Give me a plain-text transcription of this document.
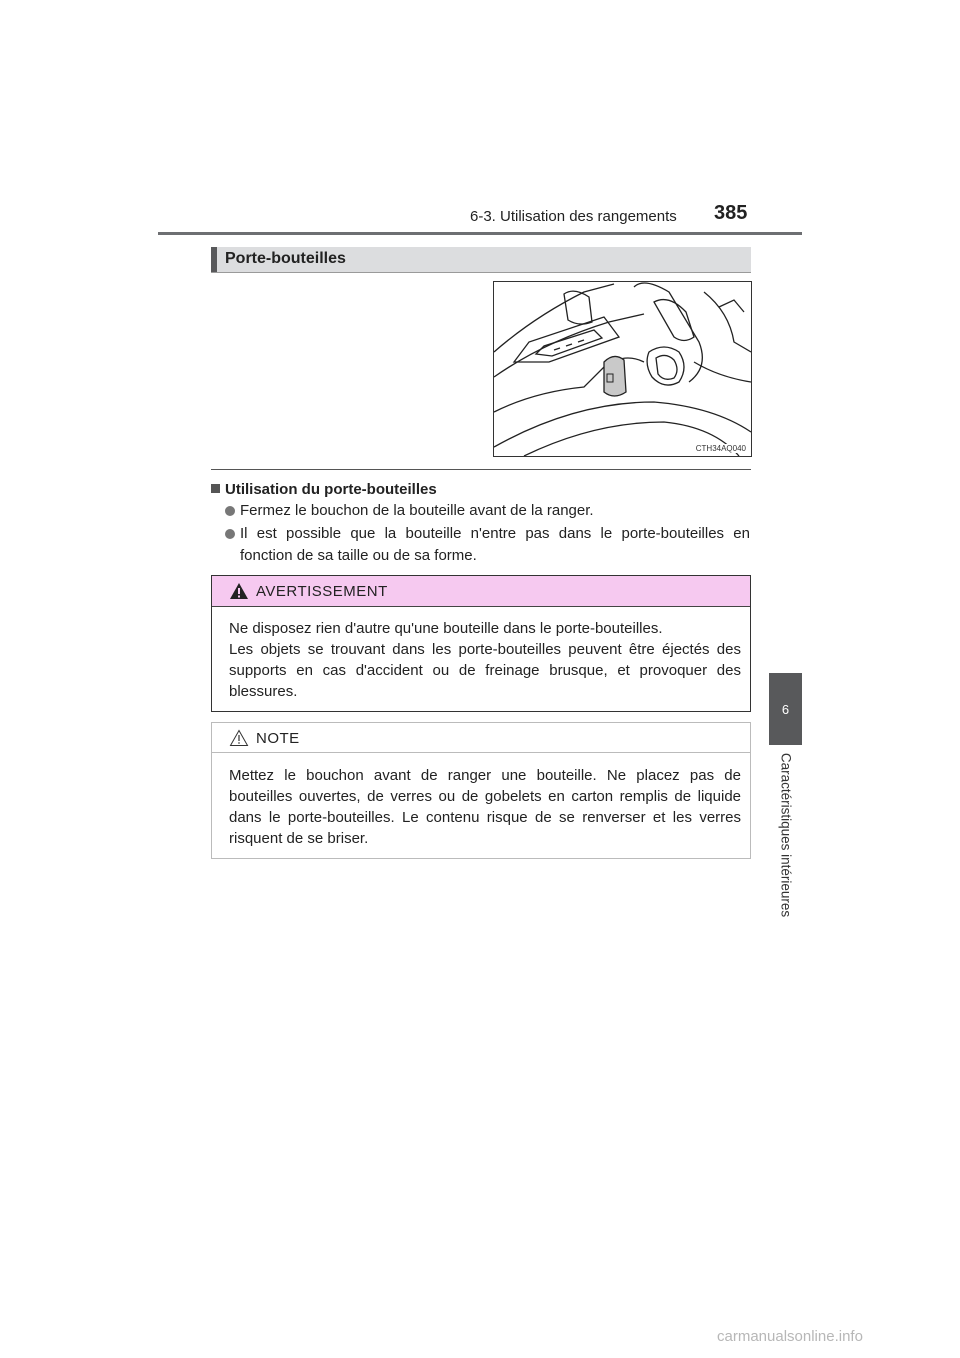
6-3. Utilisation des rangements 385
6
Caractéristiques intérieures
Porte-bouteilles
CTH34AQ040
Utilisation du porte-bouteilles
Fermez le bouchon de la bouteille avant de la ranger.
Il est possible que la bouteille n'entre pas dans le porte-bouteilles en fonction de sa taille ou de sa forme.
AVERTISSEMENT
Ne disposez rien d'autre qu'une bouteille dans le porte-bouteilles.
Les objets se trouvant dans les porte-bouteilles peuvent être éjectés des supports en cas d'accident ou de freinage brusque, et provoquer des blessures.
NOTE
Mettez le bouchon avant de ranger une bouteille. Ne placez pas de bouteilles ouvertes, de verres ou de gobelets en carton remplis de liquide dans le porte-bouteilles. Le contenu risque de se renverser et les verres risquent de se briser.
carmanualsonline.info
